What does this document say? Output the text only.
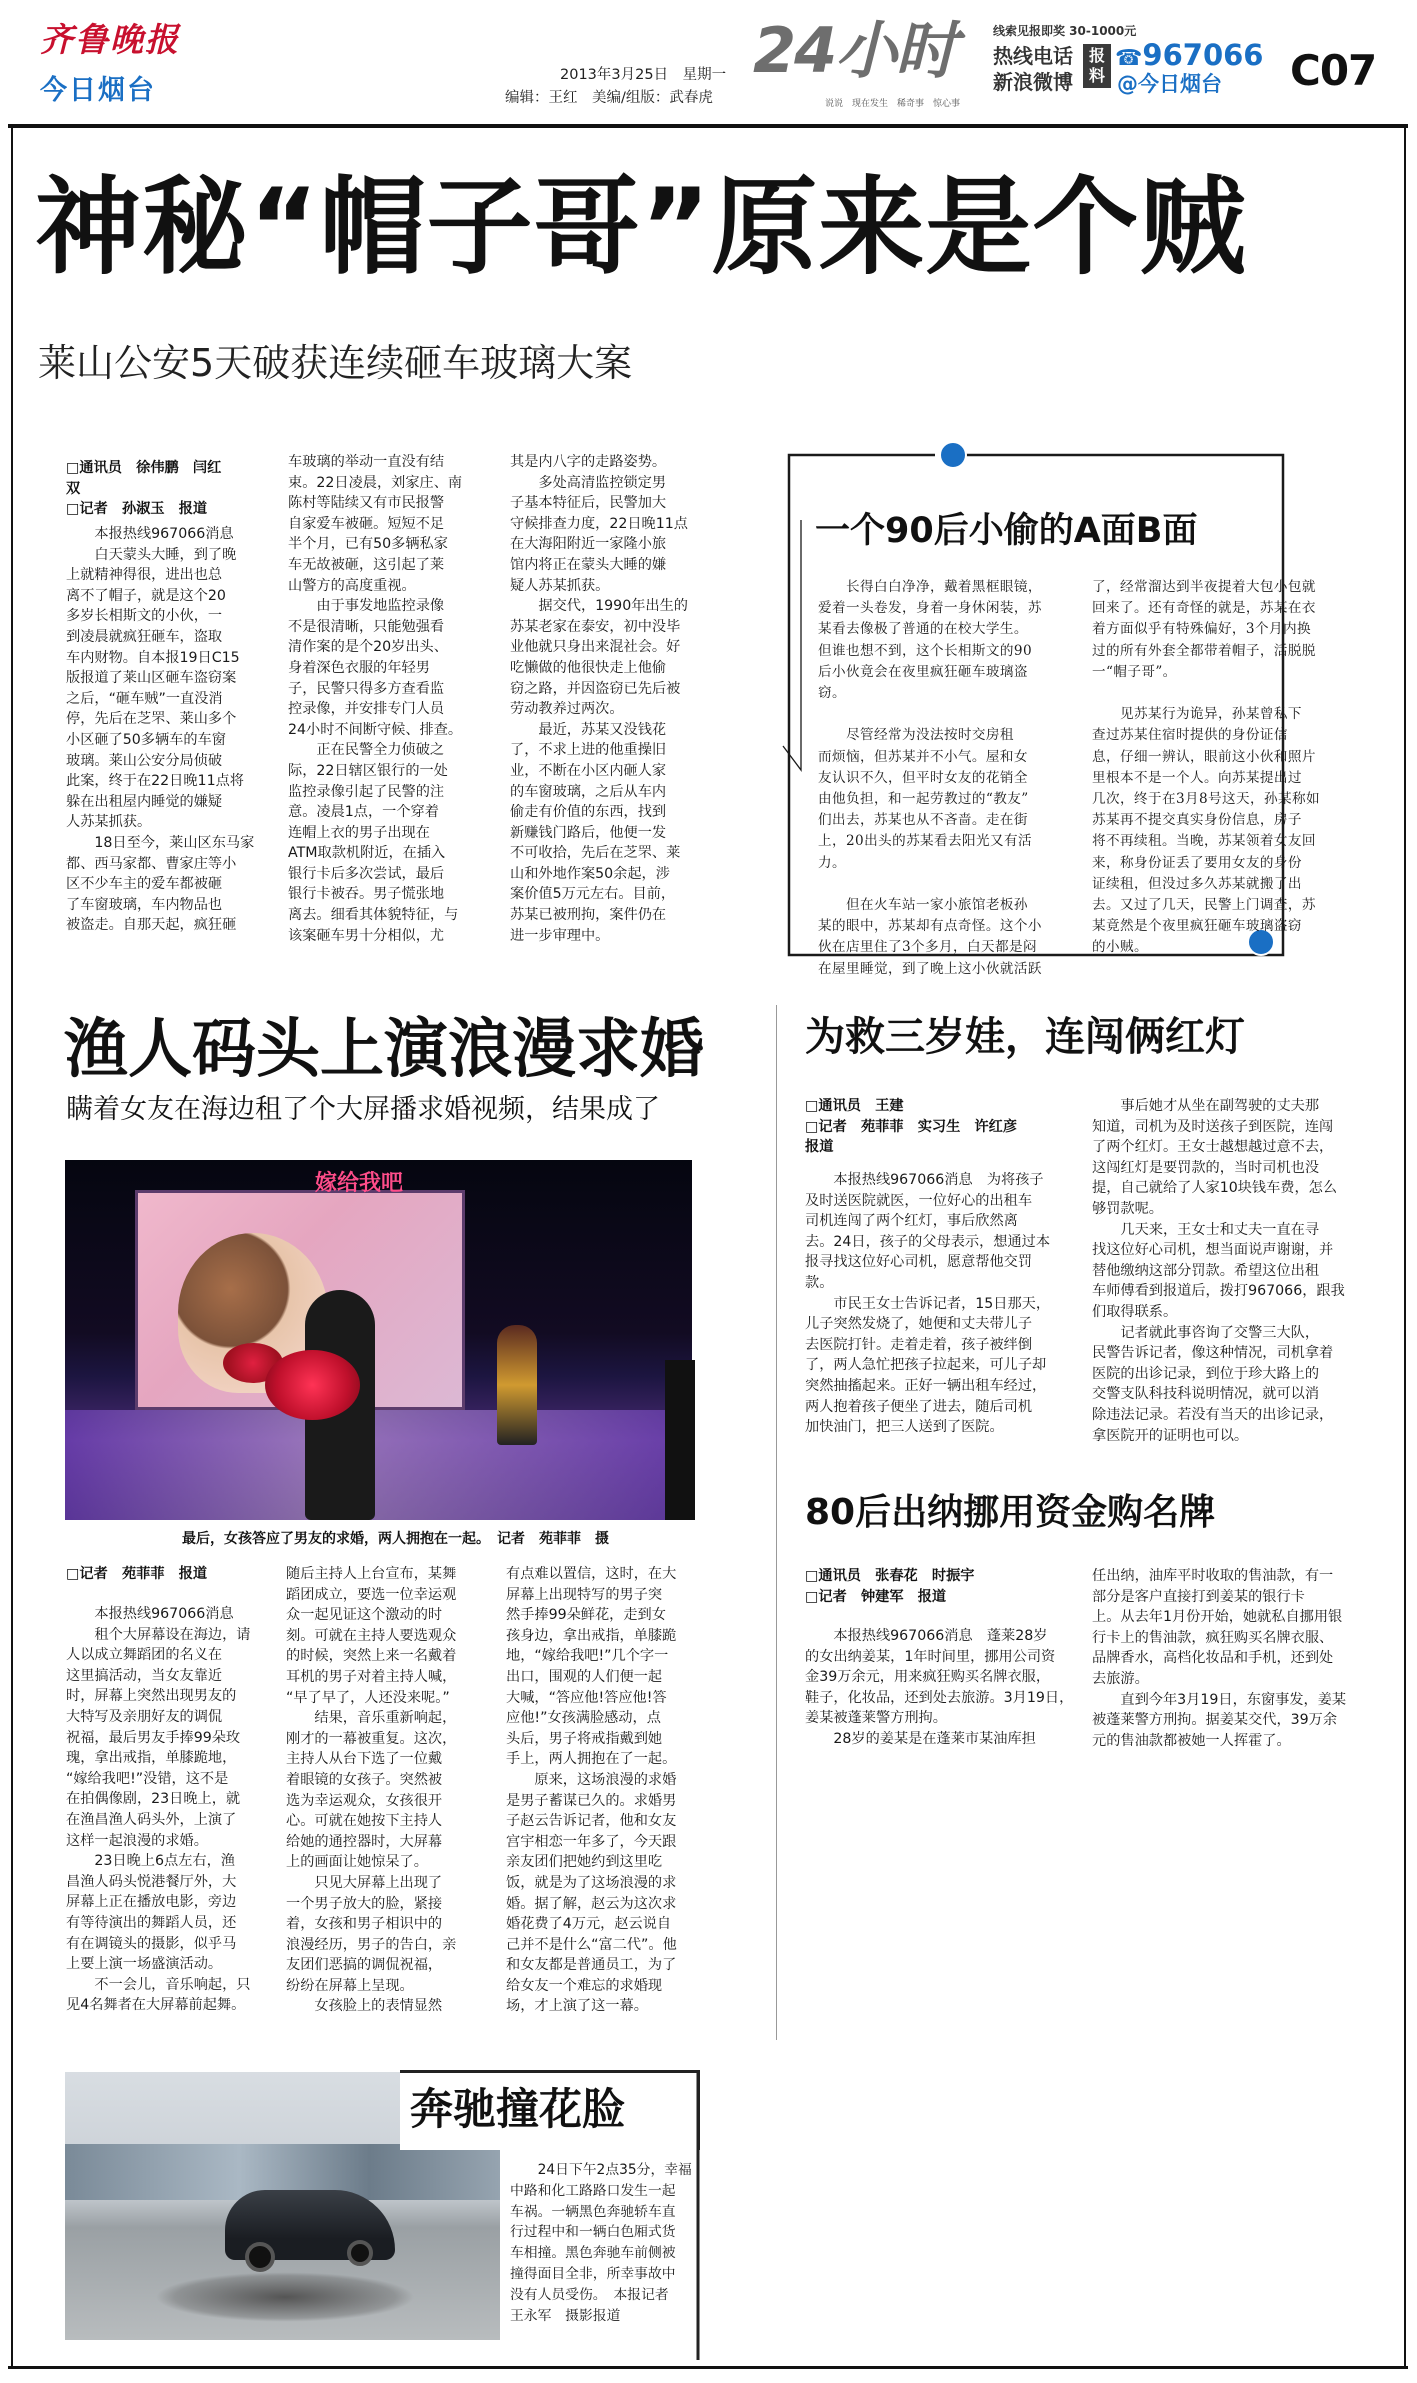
齐鲁晚报
今日烟台	2013年3月25日　星期一
编辑：王红　美编/组版：武春虎
24小时
说说　现在发生　稀奇事　惊心事
线索见报即奖 30-1000元
热线电话
新浪微博
报料
☎967066
@今日烟台 C07
神秘“帽子哥”原来是个贼
莱山公安5天破获连续砸车玻璃大案
□通讯员　徐伟鹏　闫红
双
□记者　孙淑玉　报道
　　本报热线967066消息
　　白天蒙头大睡，到了晚
上就精神得很，进出也总
离不了帽子，就是这个20
多岁长相斯文的小伙，一
到凌晨就疯狂砸车，盗取
车内财物。自本报19日C15
版报道了莱山区砸车盗窃案
之后，“砸车贼”一直没消
停，先后在芝罘、莱山多个
小区砸了50多辆车的车窗
玻璃。莱山公安分局侦破
此案，终于在22日晚11点将
躲在出租屋内睡觉的嫌疑
人苏某抓获。
　　18日至今，莱山区东马家
都、西马家都、曹家庄等小
区不少车主的爱车都被砸
了车窗玻璃，车内物品也
被盗走。自那天起，疯狂砸
车玻璃的举动一直没有结
束。22日凌晨，刘家庄、南
陈村等陆续又有市民报警
自家爱车被砸。短短不足
半个月，已有50多辆私家
车无故被砸，这引起了莱
山警方的高度重视。
　　由于事发地监控录像
不是很清晰，只能勉强看
清作案的是个20岁出头、
身着深色衣服的年轻男
子，民警只得多方查看监
控录像，并安排专门人员
24小时不间断守候、排查。
　　正在民警全力侦破之
际，22日辖区银行的一处
监控录像引起了民警的注
意。凌晨1点，一个穿着
连帽上衣的男子出现在
ATM取款机附近，在插入
银行卡后多次尝试，最后
银行卡被吞。男子慌张地
离去。细看其体貌特征，与
该案砸车男十分相似，尤
其是内八字的走路姿势。
　　多处高清监控锁定男
子基本特征后，民警加大
守候排查力度，22日晚11点
在大海阳附近一家隆小旅
馆内将正在蒙头大睡的嫌
疑人苏某抓获。
　　据交代，1990年出生的
苏某老家在泰安，初中没毕
业他就只身出来混社会。好
吃懒做的他很快走上他偷
窃之路，并因盗窃已先后被
劳动教养过两次。
　　最近，苏某又没钱花
了，不求上进的他重操旧
业，不断在小区内砸人家
的车窗玻璃，之后从车内
偷走有价值的东西，找到
新赚钱门路后，他便一发
不可收拾，先后在芝罘、莱
山和外地作案50余起，涉
案价值5万元左右。目前，
苏某已被刑拘，案件仍在
进一步审理中。
一个90后小偷的A面B面
　　长得白白净净，戴着黑框眼镜，
爱着一头卷发，身着一身休闲装，苏
某看去像极了普通的在校大学生。
但谁也想不到，这个长相斯文的90
后小伙竟会在夜里疯狂砸车玻璃盗
窃。

　　尽管经常为没法按时交房租
而烦恼，但苏某并不小气。屋和女
友认识不久，但平时女友的花销全
由他负担，和一起劳教过的“教友”
们出去，苏某也从不吝啬。走在街
上，20出头的苏某看去阳光又有活
力。

　　但在火车站一家小旅馆老板孙
某的眼中，苏某却有点奇怪。这个小
伙在店里住了3个多月，白天都是闷
在屋里睡觉，到了晚上这小伙就活跃
了，经常溜达到半夜提着大包小包就
回来了。还有奇怪的就是，苏某在衣
着方面似乎有特殊偏好，3个月内换
过的所有外套全都带着帽子，活脱脱
一“帽子哥”。

　　见苏某行为诡异，孙某曾私下
查过苏某住宿时提供的身份证信
息，仔细一辨认，眼前这小伙和照片
里根本不是一个人。向苏某提出过
几次，终于在3月8号这天，孙某称如
苏某再不提交真实身份信息，房子
将不再续租。当晚，苏某领着女友回
来，称身份证丢了要用女友的身份
证续租，但没过多久苏某就搬了出
去。又过了几天，民警上门调查，苏
某竟然是个夜里疯狂砸车玻璃盗窃
的小贼。
渔人码头上演浪漫求婚
瞒着女友在海边租了个大屏播求婚视频，结果成了
嫁给我吧
最后，女孩答应了男友的求婚，两人拥抱在一起。　记者　苑菲菲　摄
□记者　苑菲菲　报道
　　本报热线967066消息
　　租个大屏幕设在海边，请
人以成立舞蹈团的名义在
这里搞活动，当女友靠近
时，屏幕上突然出现男友的
大特写及亲朋好友的调侃
祝福，最后男友手捧99朵玫
瑰，拿出戒指，单膝跪地，
“嫁给我吧!”没错，这不是
在拍偶像剧，23日晚上，就
在渔昌渔人码头外，上演了
这样一起浪漫的求婚。
　　23日晚上6点左右，渔
昌渔人码头悦港餐厅外，大
屏幕上正在播放电影，旁边
有等待演出的舞蹈人员，还
有在调镜头的摄影，似乎马
上要上演一场盛演活动。
　　不一会儿，音乐响起，只
见4名舞者在大屏幕前起舞。
随后主持人上台宣布，某舞
蹈团成立，要选一位幸运观
众一起见证这个激动的时
刻。可就在主持人要选观众
的时候，突然上来一名戴着
耳机的男子对着主持人喊，
“早了早了，人还没来呢。”
　　结果，音乐重新响起，
刚才的一幕被重复。这次，
主持人从台下选了一位戴
着眼镜的女孩子。突然被
选为幸运观众，女孩很开
心。可就在她按下主持人
给她的通控器时，大屏幕
上的画面让她惊呆了。
　　只见大屏幕上出现了
一个男子放大的脸，紧接
着，女孩和男子相识中的
浪漫经历，男子的告白，亲
友团们恶搞的调侃祝福，
纷纷在屏幕上呈现。
　　女孩脸上的表情显然
有点难以置信，这时，在大
屏幕上出现特写的男子突
然手捧99朵鲜花，走到女
孩身边，拿出戒指，单膝跪
地，“嫁给我吧!”几个字一
出口，围观的人们便一起
大喊，“答应他!答应他!答
应他!”女孩满脸感动，点
头后，男子将戒指戴到她
手上，两人拥抱在了一起。
　　原来，这场浪漫的求婚
是男子蓄谋已久的。求婚男
子赵云告诉记者，他和女友
宫宇相恋一年多了，今天跟
亲友团们把她约到这里吃
饭，就是为了这场浪漫的求
婚。据了解，赵云为这次求
婚花费了4万元，赵云说自
己并不是什么“富二代”。他
和女友都是普通员工，为了
给女友一个难忘的求婚现
场，才上演了这一幕。
为救三岁娃，连闯俩红灯
□通讯员　王建
□记者　苑菲菲　实习生　许红彦
报道
　　本报热线967066消息　为将孩子
及时送医院就医，一位好心的出租车
司机连闯了两个红灯，事后欣然离
去。24日，孩子的父母表示，想通过本
报寻找这位好心司机，愿意帮他交罚
款。
　　市民王女士告诉记者，15日那天，
儿子突然发烧了，她便和丈夫带儿子
去医院打针。走着走着，孩子被绊倒
了，两人急忙把孩子拉起来，可儿子却
突然抽搐起来。正好一辆出租车经过，
两人抱着孩子便坐了进去，随后司机
加快油门，把三人送到了医院。
　　事后她才从坐在副驾驶的丈夫那
知道，司机为及时送孩子到医院，连闯
了两个红灯。王女士越想越过意不去，
这闯红灯是要罚款的，当时司机也没
提，自己就给了人家10块钱车费，怎么
够罚款呢。
　　几天来，王女士和丈夫一直在寻
找这位好心司机，想当面说声谢谢，并
替他缴纳这部分罚款。希望这位出租
车师傅看到报道后，拨打967066，跟我
们取得联系。
　　记者就此事咨询了交警三大队，
民警告诉记者，像这种情况，司机拿着
医院的出诊记录，到位于珍大路上的
交警支队科技科说明情况，就可以消
除违法记录。若没有当天的出诊记录，
拿医院开的证明也可以。
80后出纳挪用资金购名牌
□通讯员　张春花　时振宇
□记者　钟建军　报道
　　本报热线967066消息　蓬莱28岁
的女出纳姜某，1年时间里，挪用公司资
金39万余元，用来疯狂购买名牌衣服，
鞋子，化妆品，还到处去旅游。3月19日，
姜某被蓬莱警方刑拘。
　　28岁的姜某是在蓬莱市某油库担
任出纳，油库平时收取的售油款，有一
部分是客户直接打到姜某的银行卡
上。从去年1月份开始，她就私自挪用银
行卡上的售油款，疯狂购买名牌衣服、
品牌香水，高档化妆品和手机，还到处
去旅游。
　　直到今年3月19日，东窗事发，姜某
被蓬莱警方刑拘。据姜某交代，39万余
元的售油款都被她一人挥霍了。
奔驰撞花脸
　　24日下午2点35分，幸福
中路和化工路路口发生一起
车祸。一辆黑色奔驰轿车直
行过程中和一辆白色厢式货
车相撞。黑色奔驰车前侧被
撞得面目全非，所幸事故中
没有人员受伤。　本报记者
王永军　摄影报道
